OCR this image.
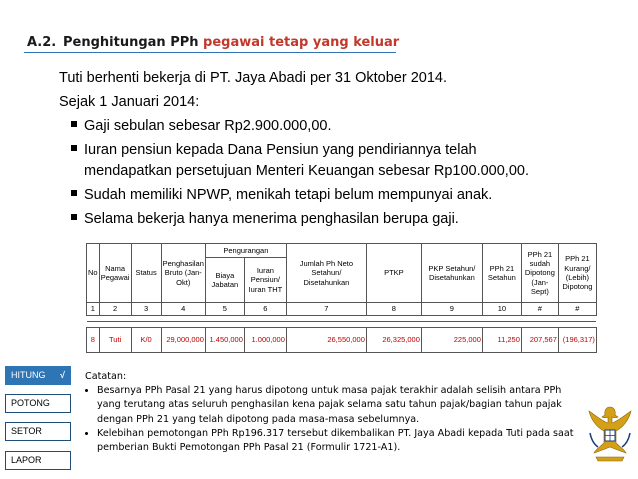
A.2. Penghitungan PPh pegawai tetap yang keluar
Tuti berhenti bekerja di PT. Jaya Abadi per 31 Oktober 2014.
Sejak 1 Januari 2014:
Gaji sebulan sebesar Rp2.900.000,00.
Iuran pensiun kepada Dana Pensiun yang pendiriannya telah
mendapatkan persetujuan Menteri Keuangan sebesar Rp100.000,00.
Sudah memiliki NPWP, menikah tetapi belum mempunyai anak.
Selama bekerja hanya menerima penghasilan berupa gaji.
No	Nama Pegawai	Status	Penghasilan Bruto (Jan-Okt)	Pengurangan		Jumlah Ph Neto Setahun/ Disetahunkan	PTKP	PKP Setahun/ Disetahunkan	PPh 21 Setahun	PPh 21 sudah Dipotong (Jan-Sept)	PPh 21 Kurang/ (Lebih) Dipotong
				Biaya Jabatan	Iuran Pensiun/ Iuran THT						
1	2	3	4	5	6	7	8	9	10	#	#

8	Tuti	K/0	29,000,000	1.450,000	1.000,000	26,550,000	26,325,000	225,000	11,250	207,567	(196,317)
HITUNG √
POTONG
SETOR
LAPOR
Catatan:
• Besarnya PPh Pasal 21 yang harus dipotong untuk masa pajak terakhir adalah selisih antara PPh yang terutang atas seluruh penghasilan kena pajak selama satu tahun pajak/bagian tahun pajak dengan PPh 21 yang telah dipotong pada masa-masa sebelumnya.
• Kelebihan pemotongan PPh Rp196.317 tersebut dikembalikan PT. Jaya Abadi kepada Tuti pada saat pemberian Bukti Pemotongan PPh Pasal 21 (Formulir 1721-A1).
